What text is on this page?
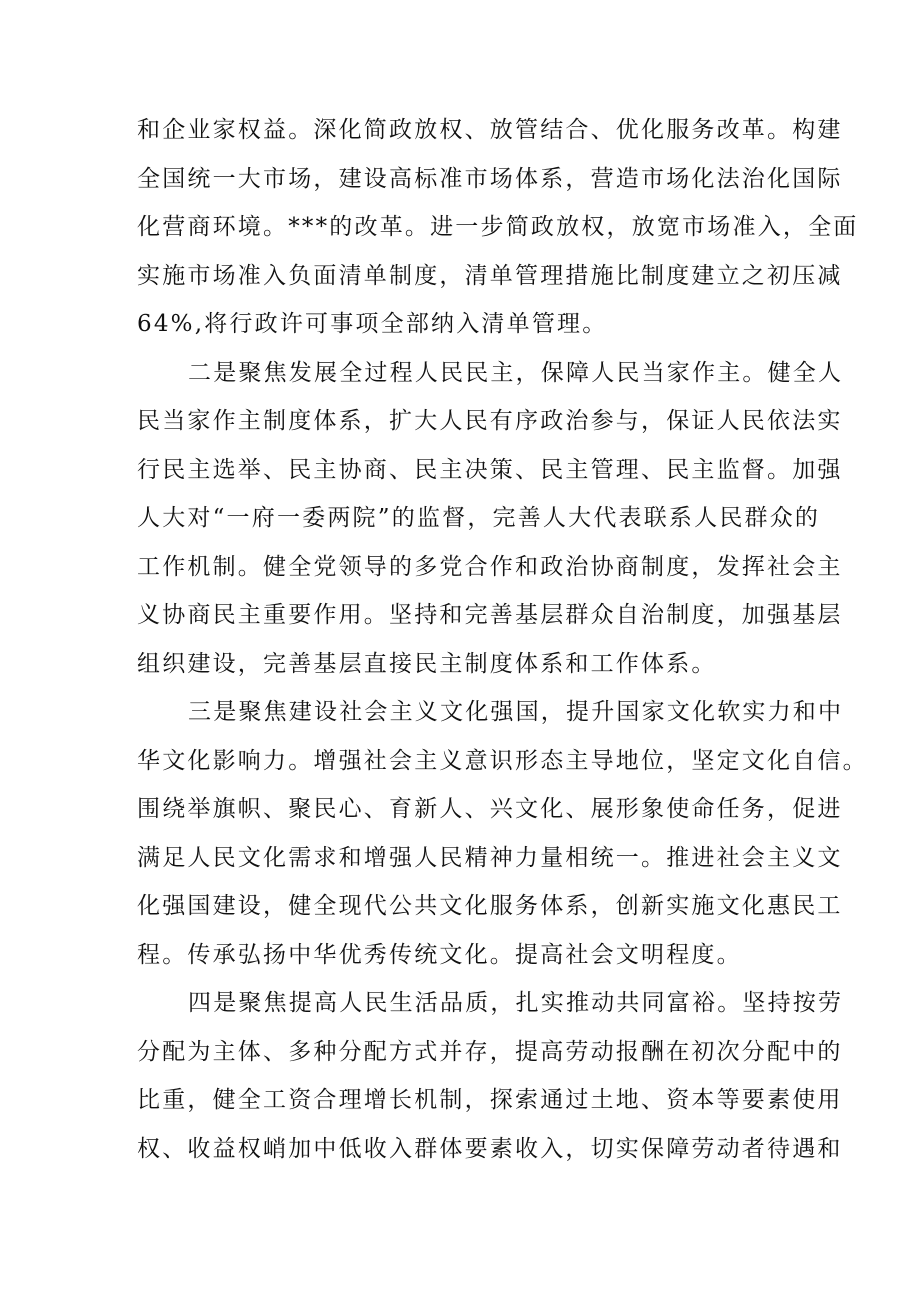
和企业家权益。深化简政放权、放管结合、优化服务改革。构建
全国统一大市场，建设高标准市场体系，营造市场化法治化国际
化营商环境。***的改革。进一步简政放权，放宽市场准入，全面
实施市场准入负面清单制度，清单管理措施比制度建立之初压减
64%,将行政许可事项全部纳入清单管理。
二是聚焦发展全过程人民民主，保障人民当家作主。健全人
民当家作主制度体系，扩大人民有序政治参与，保证人民依法实
行民主选举、民主协商、民主决策、民主管理、民主监督。加强
人大对“一府一委两院”的监督，完善人大代表联系人民群众的
工作机制。健全党领导的多党合作和政治协商制度，发挥社会主
义协商民主重要作用。坚持和完善基层群众自治制度，加强基层
组织建设，完善基层直接民主制度体系和工作体系。
三是聚焦建设社会主义文化强国，提升国家文化软实力和中
华文化影响力。增强社会主义意识形态主导地位，坚定文化自信。
围绕举旗帜、聚民心、育新人、兴文化、展形象使命任务，促进
满足人民文化需求和增强人民精神力量相统一。推进社会主义文
化强国建设，健全现代公共文化服务体系，创新实施文化惠民工
程。传承弘扬中华优秀传统文化。提高社会文明程度。
四是聚焦提高人民生活品质，扎实推动共同富裕。坚持按劳
分配为主体、多种分配方式并存，提高劳动报酬在初次分配中的
比重，健全工资合理增长机制，探索通过土地、资本等要素使用
权、收益权峭加中低收入群体要素收入，切实保障劳动者待遇和
